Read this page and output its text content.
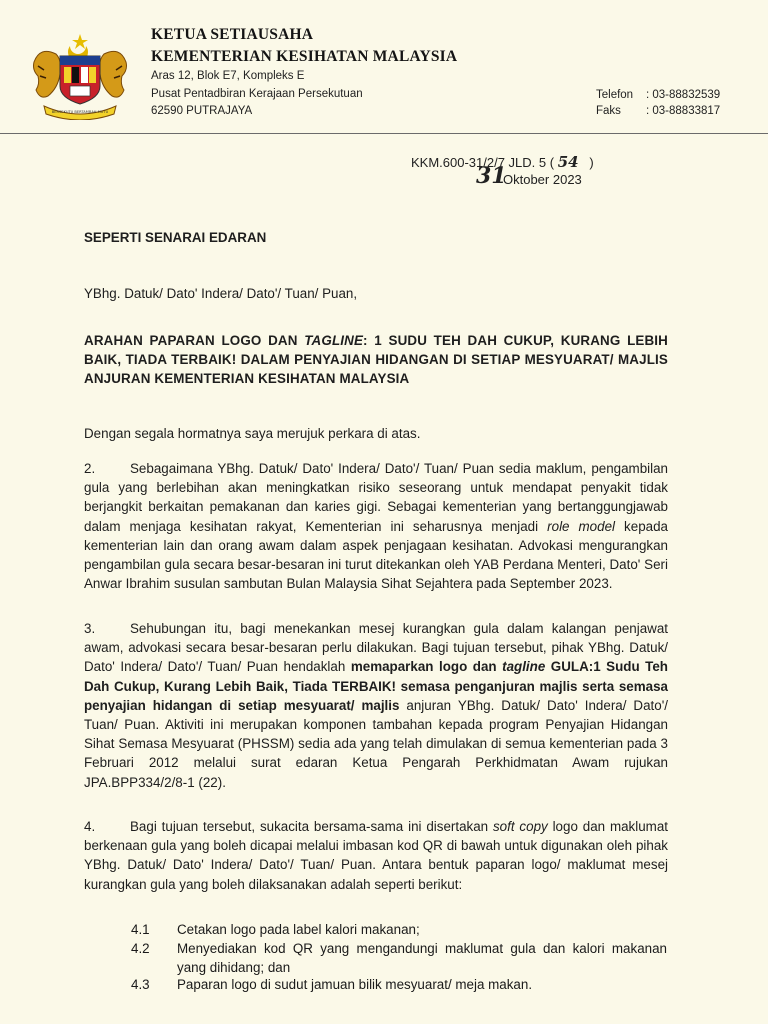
BERSEKUTU BERTAMBAH MUTU
KETUA SETIAUSAHA
KEMENTERIAN KESIHATAN MALAYSIA
Aras 12, Blok E7, Kompleks E
Pusat Pentadbiran Kerajaan Persekutuan
62590 PUTRAJAYA
Telefon : 03-88832539
Faks : 03-88833817
KKM.600-31/2/7 JLD. 5 ( 54 )
31
Oktober 2023
SEPERTI SENARAI EDARAN
YBhg. Datuk/ Dato' Indera/ Dato'/ Tuan/ Puan,
ARAHAN PAPARAN LOGO DAN TAGLINE: 1 SUDU TEH DAH CUKUP, KURANG LEBIH BAIK, TIADA TERBAIK! DALAM PENYAJIAN HIDANGAN DI SETIAP MESYUARAT/ MAJLIS ANJURAN KEMENTERIAN KESIHATAN MALAYSIA
Dengan segala hormatnya saya merujuk perkara di atas.
2.	Sebagaimana YBhg. Datuk/ Dato' Indera/ Dato'/ Tuan/ Puan sedia maklum, pengambilan gula yang berlebihan akan meningkatkan risiko seseorang untuk mendapat penyakit tidak berjangkit berkaitan pemakanan dan karies gigi. Sebagai kementerian yang bertanggungjawab dalam menjaga kesihatan rakyat, Kementerian ini seharusnya menjadi role model kepada kementerian lain dan orang awam dalam aspek penjagaan kesihatan. Advokasi mengurangkan pengambilan gula secara besar-besaran ini turut ditekankan oleh YAB Perdana Menteri, Dato' Seri Anwar Ibrahim susulan sambutan Bulan Malaysia Sihat Sejahtera pada September 2023.
3.	Sehubungan itu, bagi menekankan mesej kurangkan gula dalam kalangan penjawat awam, advokasi secara besar-besaran perlu dilakukan. Bagi tujuan tersebut, pihak YBhg. Datuk/ Dato' Indera/ Dato'/ Tuan/ Puan hendaklah memaparkan logo dan tagline GULA:1 Sudu Teh Dah Cukup, Kurang Lebih Baik, Tiada TERBAIK! semasa penganjuran majlis serta semasa penyajian hidangan di setiap mesyuarat/ majlis anjuran YBhg. Datuk/ Dato' Indera/ Dato'/ Tuan/ Puan. Aktiviti ini merupakan komponen tambahan kepada program Penyajian Hidangan Sihat Semasa Mesyuarat (PHSSM) sedia ada yang telah dimulakan di semua kementerian pada 3 Februari 2012 melalui surat edaran Ketua Pengarah Perkhidmatan Awam rujukan JPA.BPP334/2/8-1 (22).
4.	Bagi tujuan tersebut, sukacita bersama-sama ini disertakan soft copy logo dan maklumat berkenaan gula yang boleh dicapai melalui imbasan kod QR di bawah untuk digunakan oleh pihak YBhg. Datuk/ Dato' Indera/ Dato'/ Tuan/ Puan. Antara bentuk paparan logo/ maklumat mesej kurangkan gula yang boleh dilaksanakan adalah seperti berikut:
4.1 Cetakan logo pada label kalori makanan;
4.2 Menyediakan kod QR yang mengandungi maklumat gula dan kalori makanan yang dihidang; dan
4.3 Paparan logo di sudut jamuan bilik mesyuarat/ meja makan.
